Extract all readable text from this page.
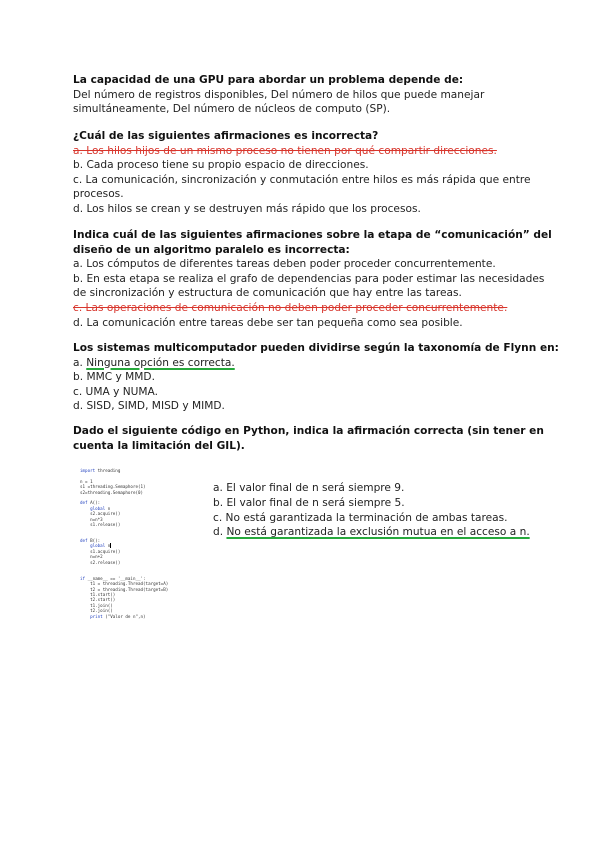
La capacidad de una GPU para abordar un problema depende de:
Del número de registros disponibles, Del número de hilos que puede manejar
simultáneamente, Del número de núcleos de computo (SP).
¿Cuál de las siguientes afirmaciones es incorrecta?
a. Los hilos hijos de un mismo proceso no tienen por qué compartir direcciones.
b. Cada proceso tiene su propio espacio de direcciones.
c. La comunicación, sincronización y conmutación entre hilos es más rápida que entre
procesos.
d. Los hilos se crean y se destruyen más rápido que los procesos.
Indica cuál de las siguientes afirmaciones sobre la etapa de “comunicación” del
diseño de un algoritmo paralelo es incorrecta:
a. Los cómputos de diferentes tareas deben poder proceder concurrentemente.
b. En esta etapa se realiza el grafo de dependencias para poder estimar las necesidades
de sincronización y estructura de comunicación que hay entre las tareas.
c. Las operaciones de comunicación no deben poder proceder concurrentemente.
d. La comunicación entre tareas debe ser tan pequeña como sea posible.
Los sistemas multicomputador pueden dividirse según la taxonomía de Flynn en:
a. Ninguna opción es correcta.
b. MMC y MMD.
c. UMA y NUMA.
d. SISD, SIMD, MISD y MIMD.
Dado el siguiente código en Python, indica la afirmación correcta (sin tener en
cuenta la limitación del GIL).
import threading
n = 1
s1 =threading.Semaphore(1)
s2=threading.Semaphore(0)
def A():
global n
s2.acquire()
n=n*3
s1.release()
def B():
global n
s1.acquire()
n=n+2
s2.release()
if __name__ == '__main__':
t1 = threading.Thread(target=A)
t2 = threading.Thread(target=B)
t1.start()
t2.start()
t1.join()
t2.join()
print ("Valor de n",n)
a. El valor final de n será siempre 9.
b. El valor final de n será siempre 5.
c. No está garantizada la terminación de ambas tareas.
d. No está garantizada la exclusión mutua en el acceso a n.
